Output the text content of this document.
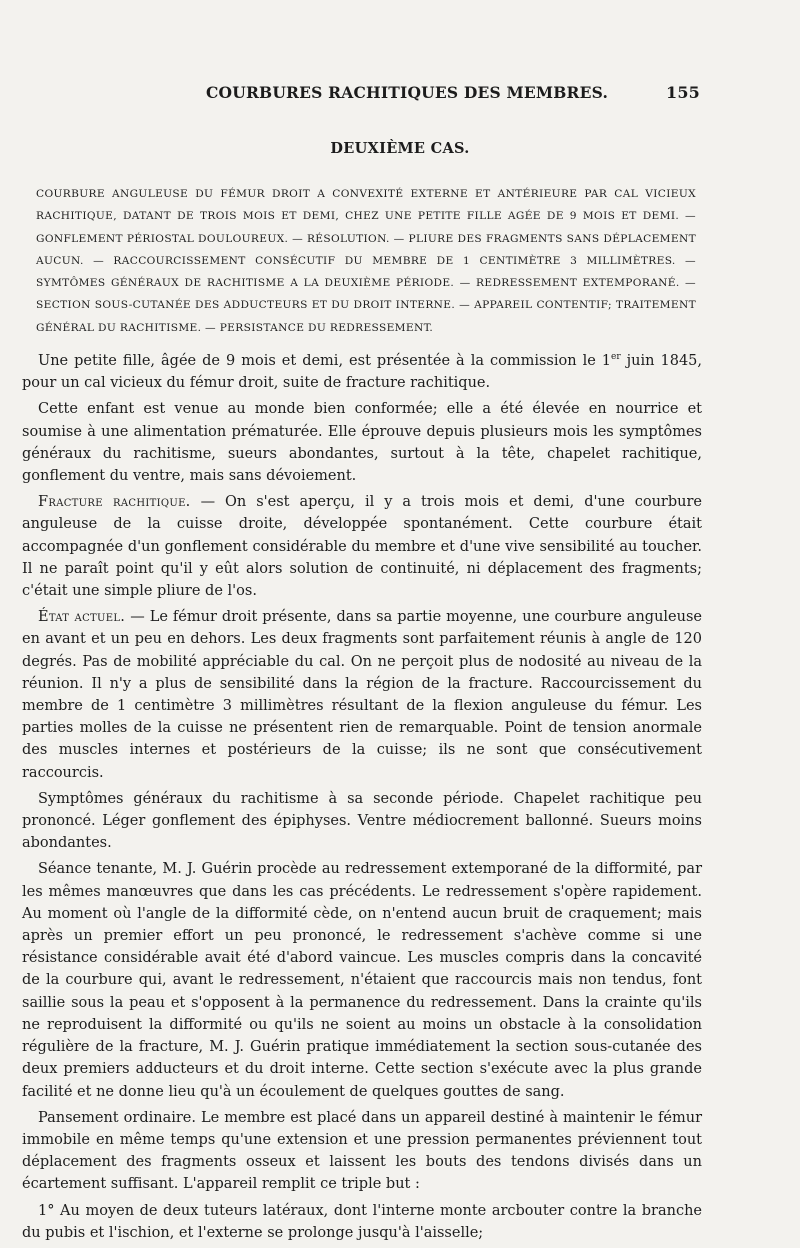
COURBURES RACHITIQUES DES MEMBRES.	155
DEUXIÈME CAS.
COURBURE ANGULEUSE DU FÉMUR DROIT A CONVEXITÉ EXTERNE ET ANTÉRIEURE PAR CAL VICIEUX RACHITIQUE, DATANT DE TROIS MOIS ET DEMI, CHEZ UNE PETITE FILLE AGÉE DE 9 MOIS ET DEMI. — GONFLEMENT PÉRIOSTAL DOULOUREUX. — RÉSOLUTION. — PLIURE DES FRAGMENTS SANS DÉPLACEMENT AUCUN. — RACCOURCISSEMENT CONSÉCUTIF DU MEMBRE DE 1 CENTIMÈTRE 3 MILLIMÈTRES. — SYMTÔMES GÉNÉRAUX DE RACHITISME A LA DEUXIÈME PÉRIODE. — REDRESSEMENT EXTEMPORANÉ. — SECTION SOUS-CUTANÉE DES ADDUCTEURS ET DU DROIT INTERNE. — APPAREIL CONTENTIF; TRAITEMENT GÉNÉRAL DU RACHITISME. — PERSISTANCE DU REDRESSEMENT.

Une petite fille, âgée de 9 mois et demi, est présentée à la commission le 1er juin 1845, pour un cal vicieux du fémur droit, suite de fracture rachitique.

Cette enfant est venue au monde bien conformée; elle a été élevée en nourrice et soumise à une alimentation prématurée. Elle éprouve depuis plusieurs mois les symptômes généraux du rachitisme, sueurs abondantes, surtout à la tête, chapelet rachitique, gonflement du ventre, mais sans dévoiement.

Fracture rachitique. — On s'est aperçu, il y a trois mois et demi, d'une courbure anguleuse de la cuisse droite, développée spontanément. Cette courbure était accompagnée d'un gonflement considérable du membre et d'une vive sensibilité au toucher. Il ne paraît point qu'il y eût alors solution de continuité, ni déplacement des fragments; c'était une simple pliure de l'os.

État actuel. — Le fémur droit présente, dans sa partie moyenne, une courbure anguleuse en avant et un peu en dehors. Les deux fragments sont parfaitement réunis à angle de 120 degrés. Pas de mobilité appréciable du cal. On ne perçoit plus de nodosité au niveau de la réunion. Il n'y a plus de sensibilité dans la région de la fracture. Raccourcissement du membre de 1 centimètre 3 millimètres résultant de la flexion anguleuse du fémur. Les parties molles de la cuisse ne présentent rien de remarquable. Point de tension anormale des muscles internes et postérieurs de la cuisse; ils ne sont que consécutivement raccourcis.

Symptômes généraux du rachitisme à sa seconde période. Chapelet rachitique peu prononcé. Léger gonflement des épiphyses. Ventre médiocrement ballonné. Sueurs moins abondantes.

Séance tenante, M. J. Guérin procède au redressement extemporané de la difformité, par les mêmes manœuvres que dans les cas précédents. Le redressement s'opère rapidement. Au moment où l'angle de la difformité cède, on n'entend aucun bruit de craquement; mais après un premier effort un peu prononcé, le redressement s'achève comme si une résistance considérable avait été d'abord vaincue. Les muscles compris dans la concavité de la courbure qui, avant le redressement, n'étaient que raccourcis mais non tendus, font saillie sous la peau et s'opposent à la permanence du redressement. Dans la crainte qu'ils ne reproduisent la difformité ou qu'ils ne soient au moins un obstacle à la consolidation régulière de la fracture, M. J. Guérin pratique immédiatement la section sous-cutanée des deux premiers adducteurs et du droit interne. Cette section s'exécute avec la plus grande facilité et ne donne lieu qu'à un écoulement de quelques gouttes de sang.

Pansement ordinaire. Le membre est placé dans un appareil destiné à maintenir le fémur immobile en même temps qu'une extension et une pression permanentes préviennent tout déplacement des fragments osseux et laissent les bouts des tendons divisés dans un écartement suffisant. L'appareil remplit ce triple but :

1° Au moyen de deux tuteurs latéraux, dont l'interne monte arcbouter contre la branche du pubis et l'ischion, et l'externe se prolonge jusqu'à l'aisselle;
